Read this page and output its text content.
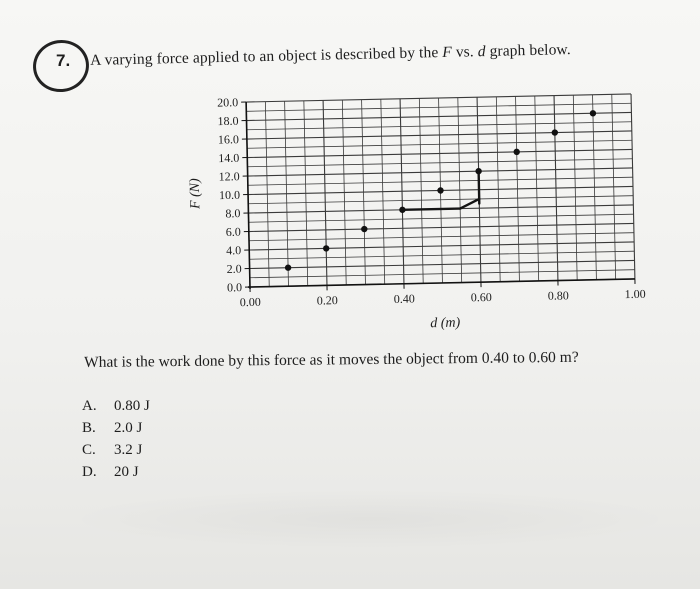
7. A varying force applied to an object is described by the F vs. d graph below.
0.0
2.0
4.0
6.0
8.0
10.0
12.0
14.0
16.0
18.0
20.0
0.00	0.20	0.40	0.60	0.80	1.00
d (m)
F (N)
What is the work done by this force as it moves the object from 0.40 to 0.60 m?
A.	0.80 J
B.	2.0 J
C.	3.2 J
D.	20 J
